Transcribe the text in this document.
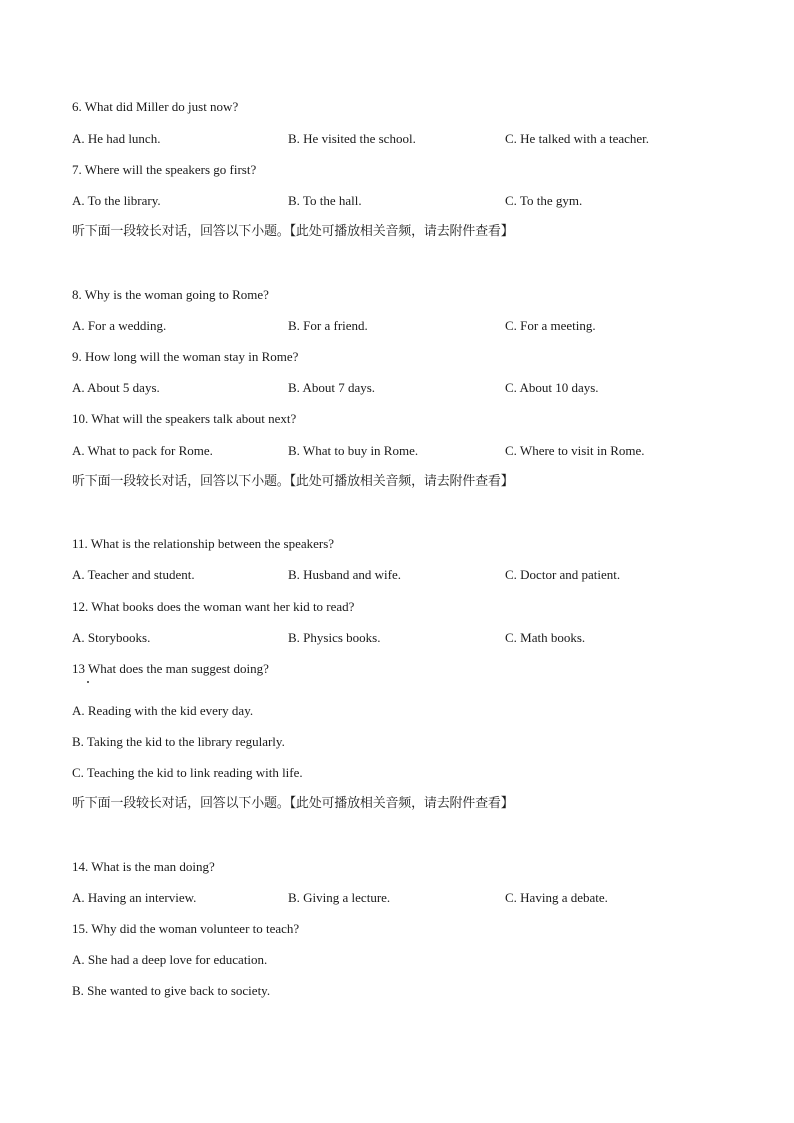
6. What did Miller do just now?
A. He had lunch.	B. He visited the school.	C. He talked with a teacher.
7. Where will the speakers go first?
A. To the library.	B. To the hall.	C. To the gym.
听下面一段较长对话，回答以下小题。【此处可播放相关音频，请去附件查看】
8. Why is the woman going to Rome?
A. For a wedding.	B. For a friend.	C. For a meeting.
9. How long will the woman stay in Rome?
A. About 5 days.	B. About 7 days.	C. About 10 days.
10. What will the speakers talk about next?
A. What to pack for Rome.	B. What to buy in Rome.	C. Where to visit in Rome.
听下面一段较长对话，回答以下小题。【此处可播放相关音频，请去附件查看】
11. What is the relationship between the speakers?
A. Teacher and student.	B. Husband and wife.	C. Doctor and patient.
12. What books does the woman want her kid to read?
A. Storybooks.	B. Physics books.	C. Math books.
13 What does the man suggest doing?
A. Reading with the kid every day.
B. Taking the kid to the library regularly.
C. Teaching the kid to link reading with life.
听下面一段较长对话，回答以下小题。【此处可播放相关音频，请去附件查看】
14. What is the man doing?
A. Having an interview.	B. Giving a lecture.	C. Having a debate.
15. Why did the woman volunteer to teach?
A. She had a deep love for education.
B. She wanted to give back to society.
